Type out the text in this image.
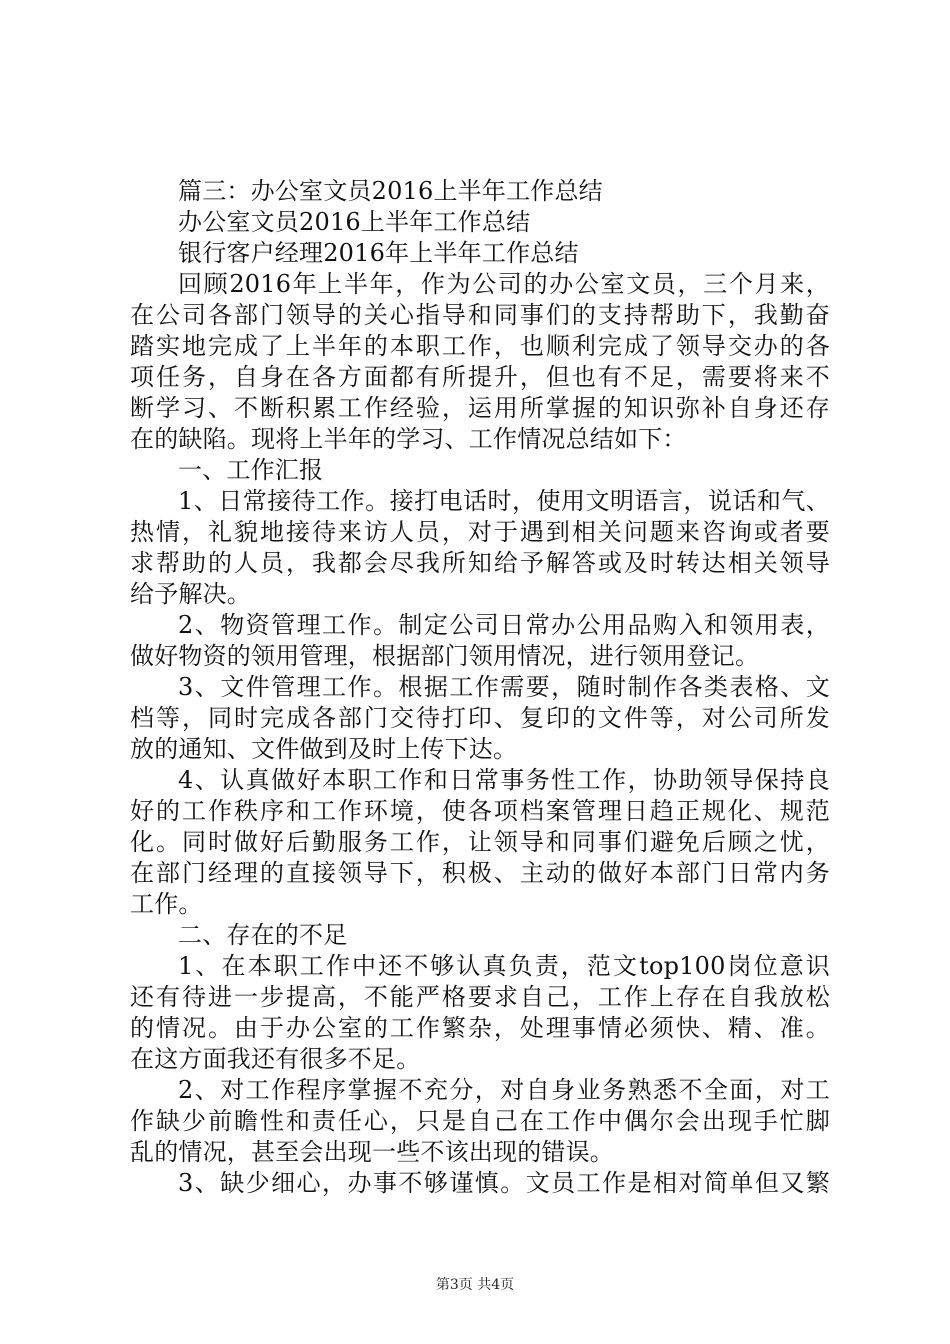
篇三：办公室文员2016上半年工作总结
办公室文员2016上半年工作总结
银行客户经理2016年上半年工作总结
回顾2016年上半年，作为公司的办公室文员，三个月来，
在公司各部门领导的关心指导和同事们的支持帮助下，我勤奋
踏实地完成了上半年的本职工作，也顺利完成了领导交办的各
项任务，自身在各方面都有所提升，但也有不足，需要将来不
断学习、不断积累工作经验，运用所掌握的知识弥补自身还存
在的缺陷。现将上半年的学习、工作情况总结如下：
一、工作汇报
1、日常接待工作。接打电话时，使用文明语言，说话和气、
热情，礼貌地接待来访人员，对于遇到相关问题来咨询或者要
求帮助的人员，我都会尽我所知给予解答或及时转达相关领导
给予解决。
2、物资管理工作。制定公司日常办公用品购入和领用表，
做好物资的领用管理，根据部门领用情况，进行领用登记。
3、文件管理工作。根据工作需要，随时制作各类表格、文
档等，同时完成各部门交待打印、复印的文件等，对公司所发
放的通知、文件做到及时上传下达。
4、认真做好本职工作和日常事务性工作，协助领导保持良
好的工作秩序和工作环境，使各项档案管理日趋正规化、规范
化。同时做好后勤服务工作，让领导和同事们避免后顾之忧，
在部门经理的直接领导下，积极、主动的做好本部门日常内务
工作。
二、存在的不足
1、在本职工作中还不够认真负责，范文top100岗位意识
还有待进一步提高，不能严格要求自己，工作上存在自我放松
的情况。由于办公室的工作繁杂，处理事情必须快、精、准。
在这方面我还有很多不足。
2、对工作程序掌握不充分，对自身业务熟悉不全面，对工
作缺少前瞻性和责任心，只是自己在工作中偶尔会出现手忙脚
乱的情况，甚至会出现一些不该出现的错误。
3、缺少细心，办事不够谨慎。文员工作是相对简单但又繁
第3页 共4页
